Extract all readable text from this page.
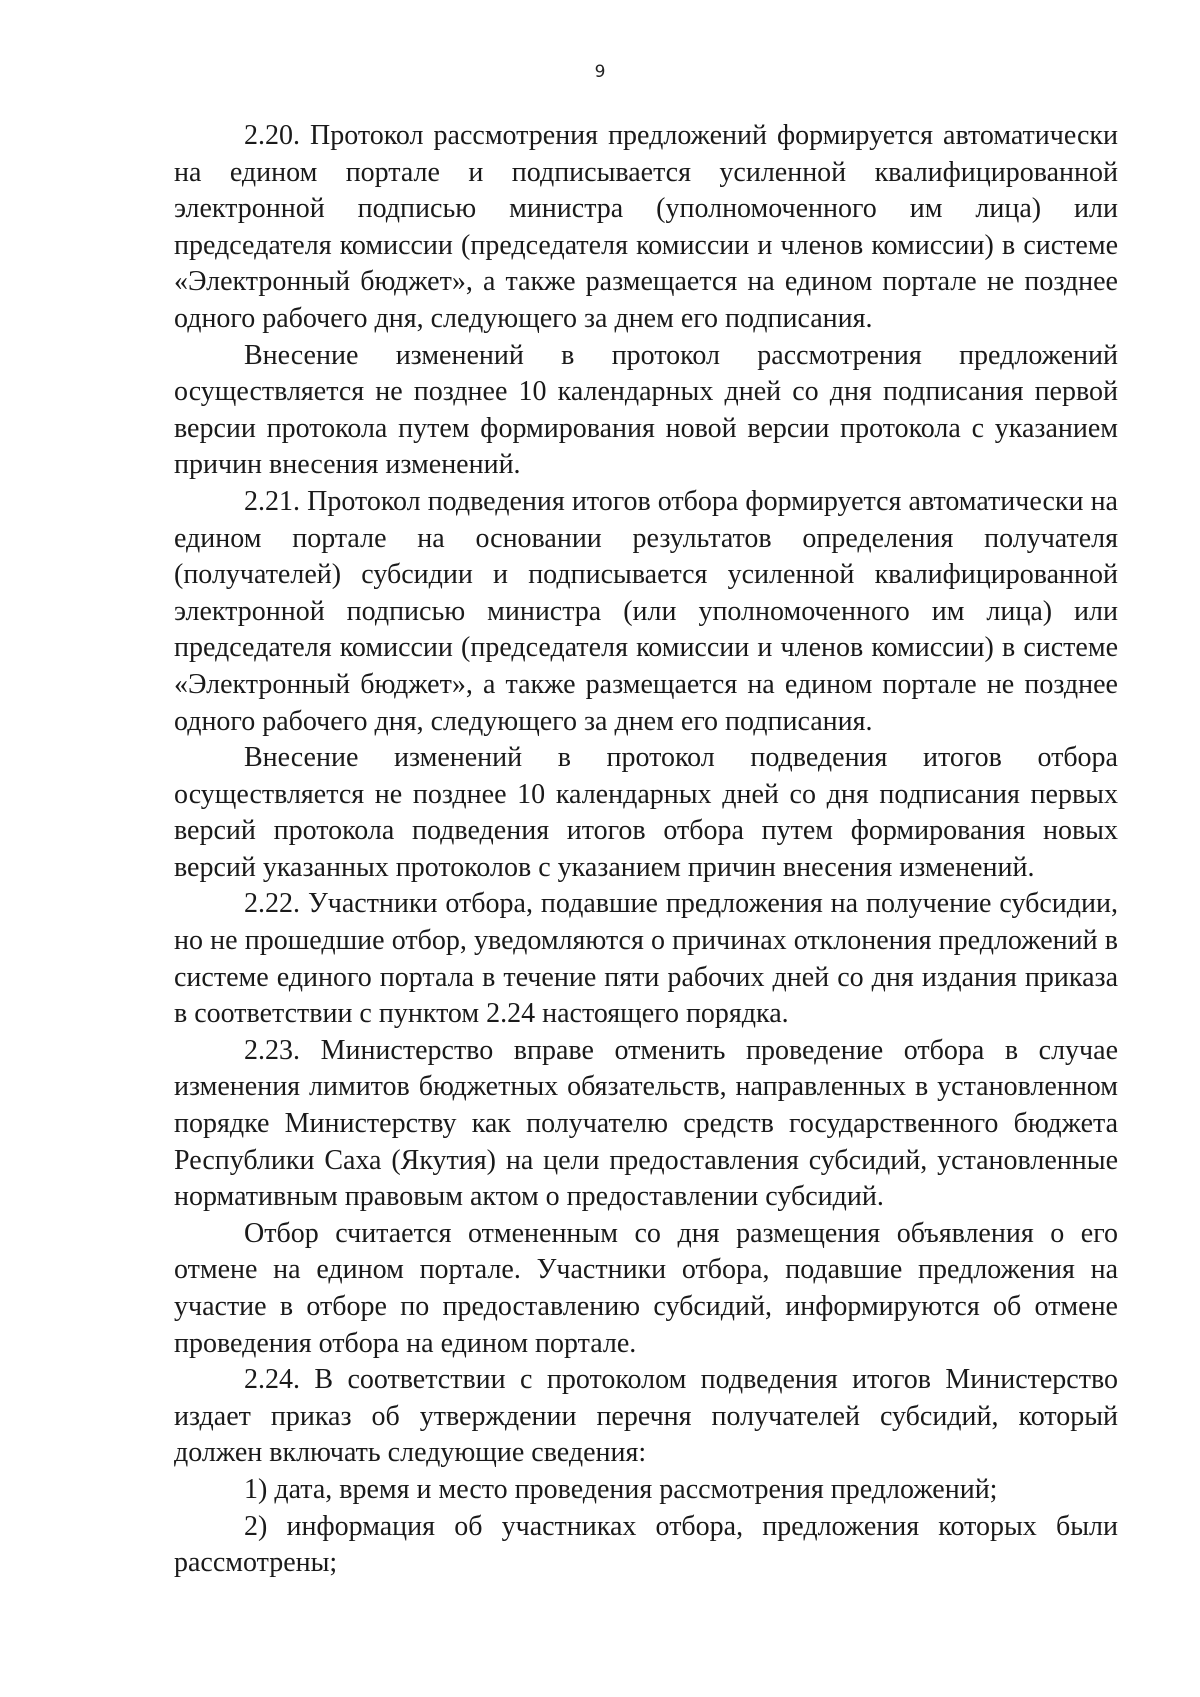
9

2.20. Протокол рассмотрения предложений формируется автоматически на едином портале и подписывается усиленной квалифицированной электронной подписью министра (уполномоченного им лица) или председателя комиссии (председателя комиссии и членов комиссии) в системе «Электронный бюджет», а также размещается на едином портале не позднее одного рабочего дня, следующего за днем его подписания.

Внесение изменений в протокол рассмотрения предложений осуществляется не позднее 10 календарных дней со дня подписания первой версии протокола путем формирования новой версии протокола с указанием причин внесения изменений.

2.21. Протокол подведения итогов отбора формируется автоматически на едином портале на основании результатов определения получателя (получателей) субсидии и подписывается усиленной квалифицированной электронной подписью министра (или уполномоченного им лица) или председателя комиссии (председателя комиссии и членов комиссии) в системе «Электронный бюджет», а также размещается на едином портале не позднее одного рабочего дня, следующего за днем его подписания.

Внесение изменений в протокол подведения итогов отбора осуществляется не позднее 10 календарных дней со дня подписания первых версий протокола подведения итогов отбора путем формирования новых версий указанных протоколов с указанием причин внесения изменений.

2.22. Участники отбора, подавшие предложения на получение субсидии, но не прошедшие отбор, уведомляются о причинах отклонения предложений в системе единого портала в течение пяти рабочих дней со дня издания приказа в соответствии с пунктом 2.24 настоящего порядка.

2.23. Министерство вправе отменить проведение отбора в случае изменения лимитов бюджетных обязательств, направленных в установленном порядке Министерству как получателю средств государственного бюджета Республики Саха (Якутия) на цели предоставления субсидий, установленные нормативным правовым актом о предоставлении субсидий.

Отбор считается отмененным со дня размещения объявления о его отмене на едином портале. Участники отбора, подавшие предложения на участие в отборе по предоставлению субсидий, информируются об отмене проведения отбора на едином портале.

2.24. В соответствии с протоколом подведения итогов Министерство издает приказ об утверждении перечня получателей субсидий, который должен включать следующие сведения:

1) дата, время и место проведения рассмотрения предложений;

2) информация об участниках отбора, предложения которых были рассмотрены;
